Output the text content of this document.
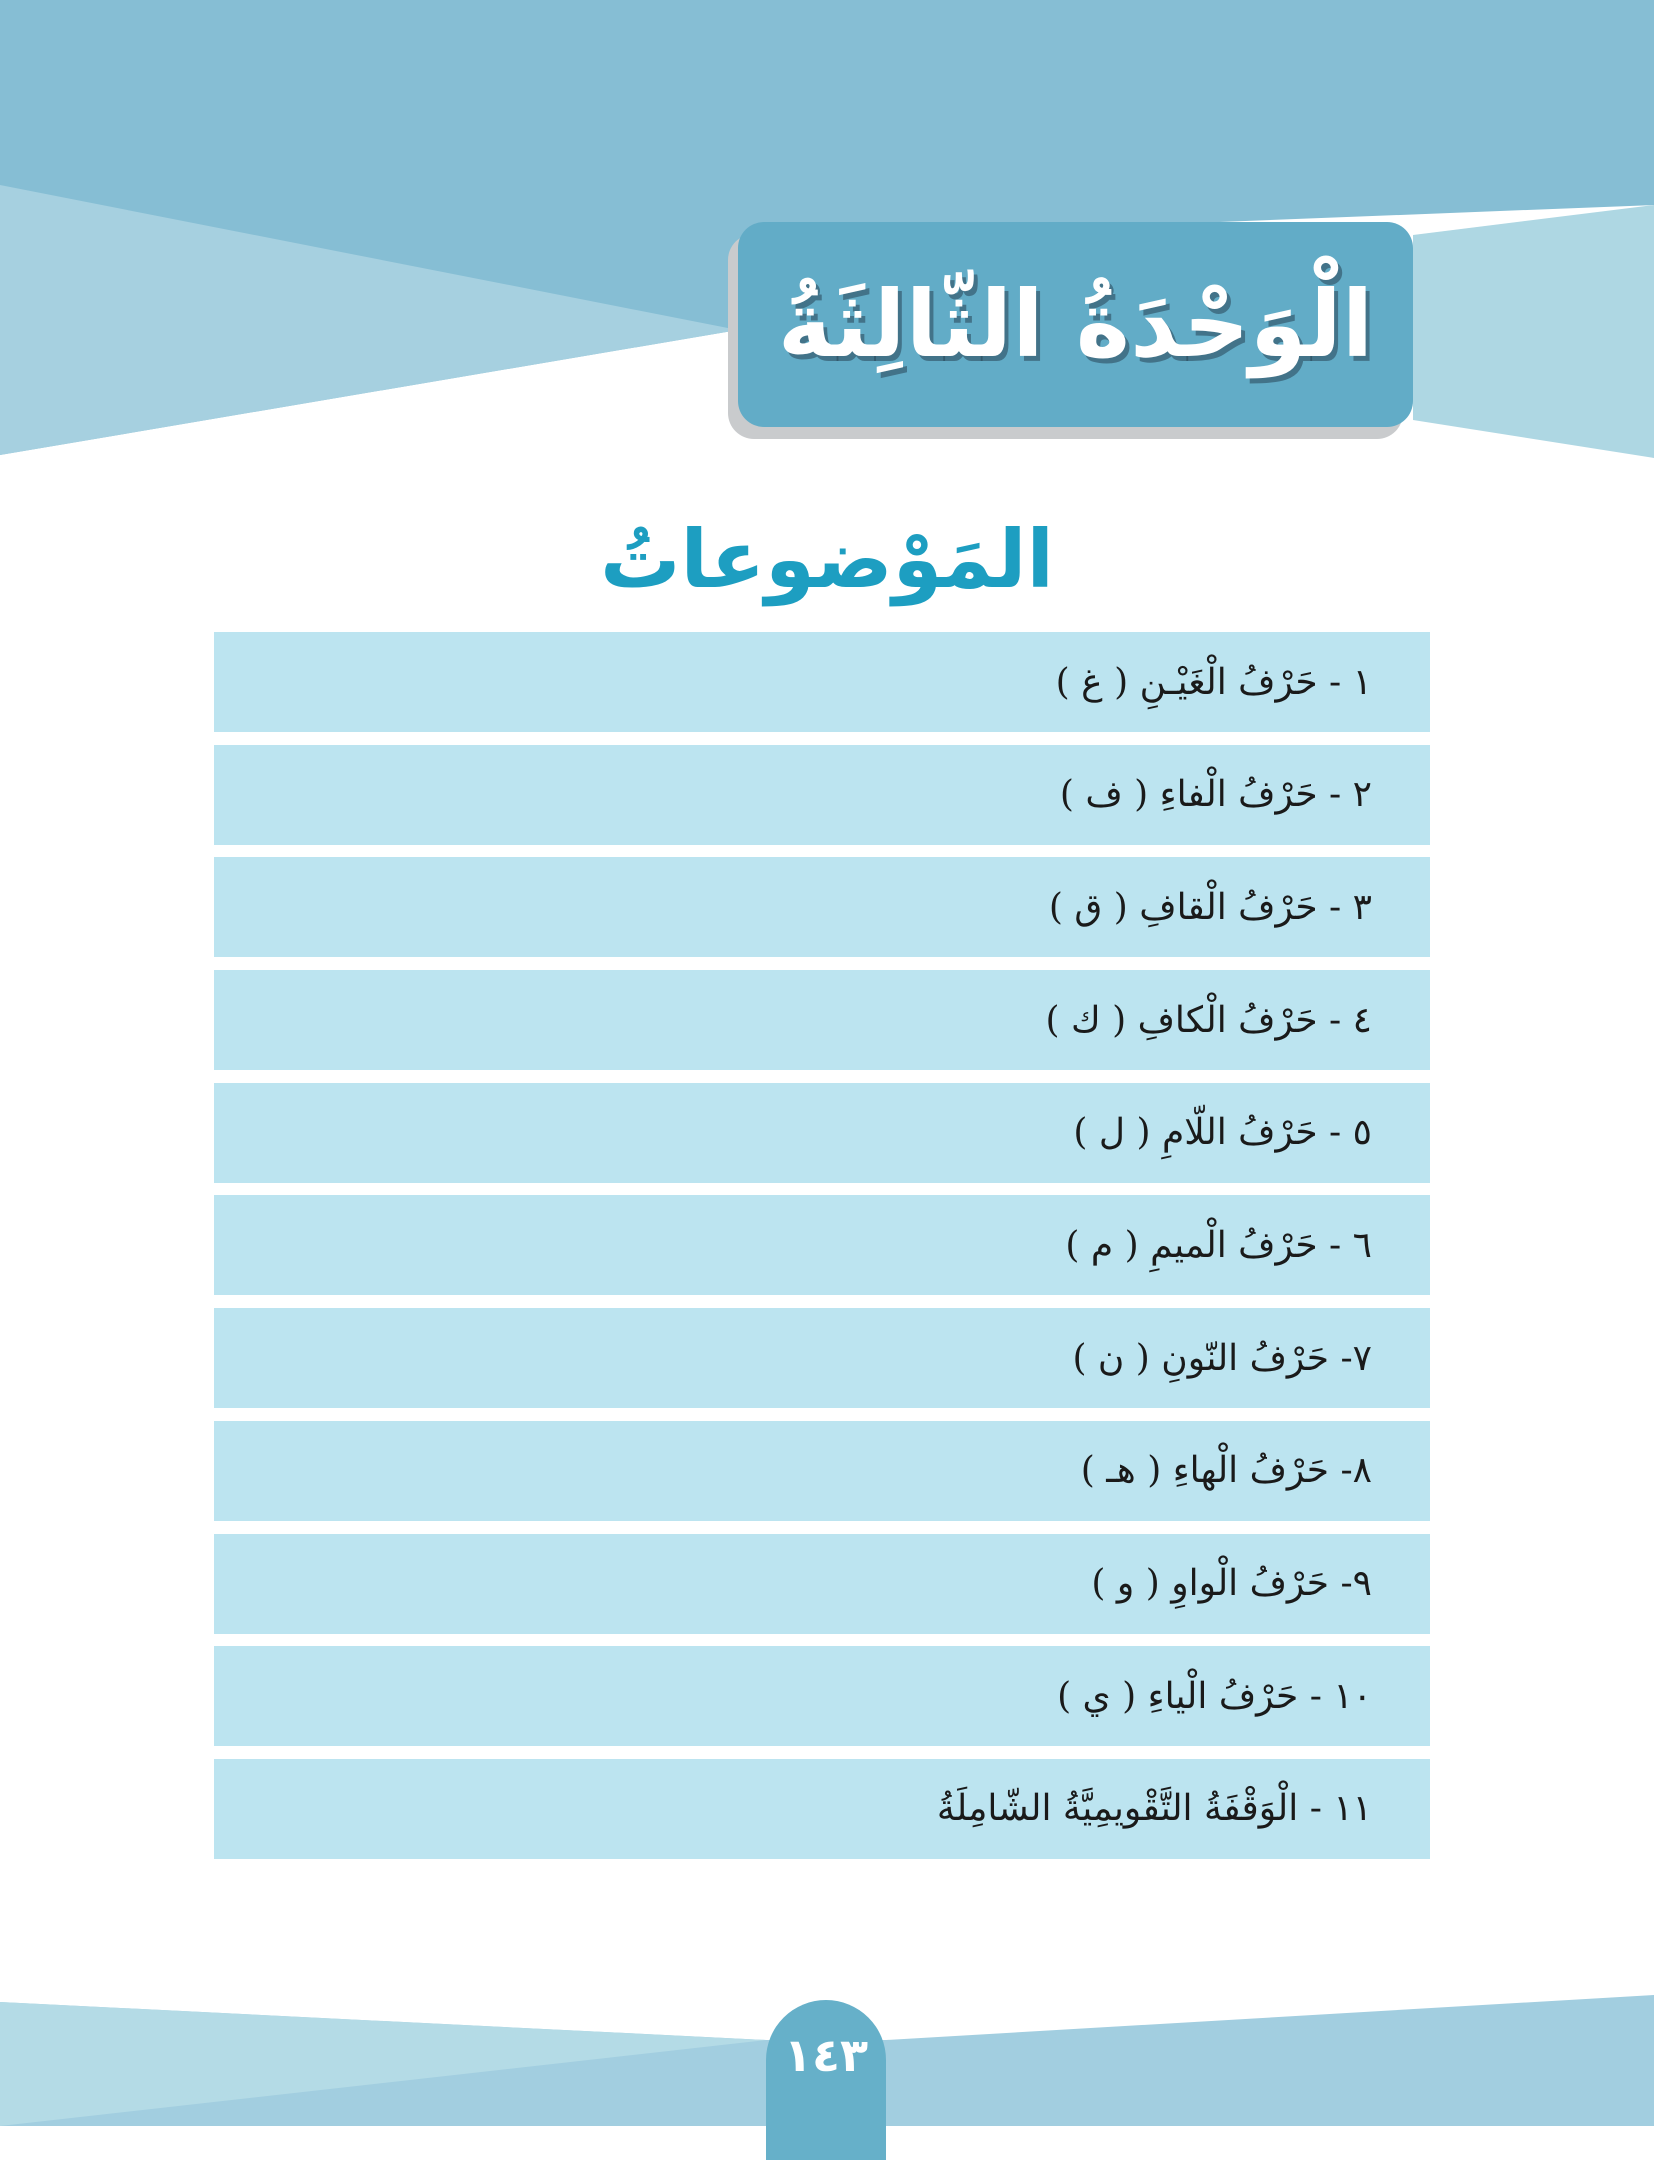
الْوَحْدَةُ الثّالِثَةُ
المَوْضوعاتُ
١ - حَرْفُ الْغَيْـنِ ( غ )
٢ - حَرْفُ الْفاءِ ( ف )
٣ - حَرْفُ الْقافِ ( ق )
٤ - حَرْفُ الْكافِ ( ك )
٥ - حَرْفُ اللّامِ ( ل )
٦ - حَرْفُ الْميمِ ( م )
٧- حَرْفُ النّونِ ( ن )
٨- حَرْفُ الْهاءِ ( هـ )
٩- حَرْفُ الْواوِ ( و )
١٠ - حَرْفُ الْياءِ ( ي )
١١ - الْوَقْفَةُ التَّقْويمِيَّةُ الشّامِلَةُ
١٤٣
